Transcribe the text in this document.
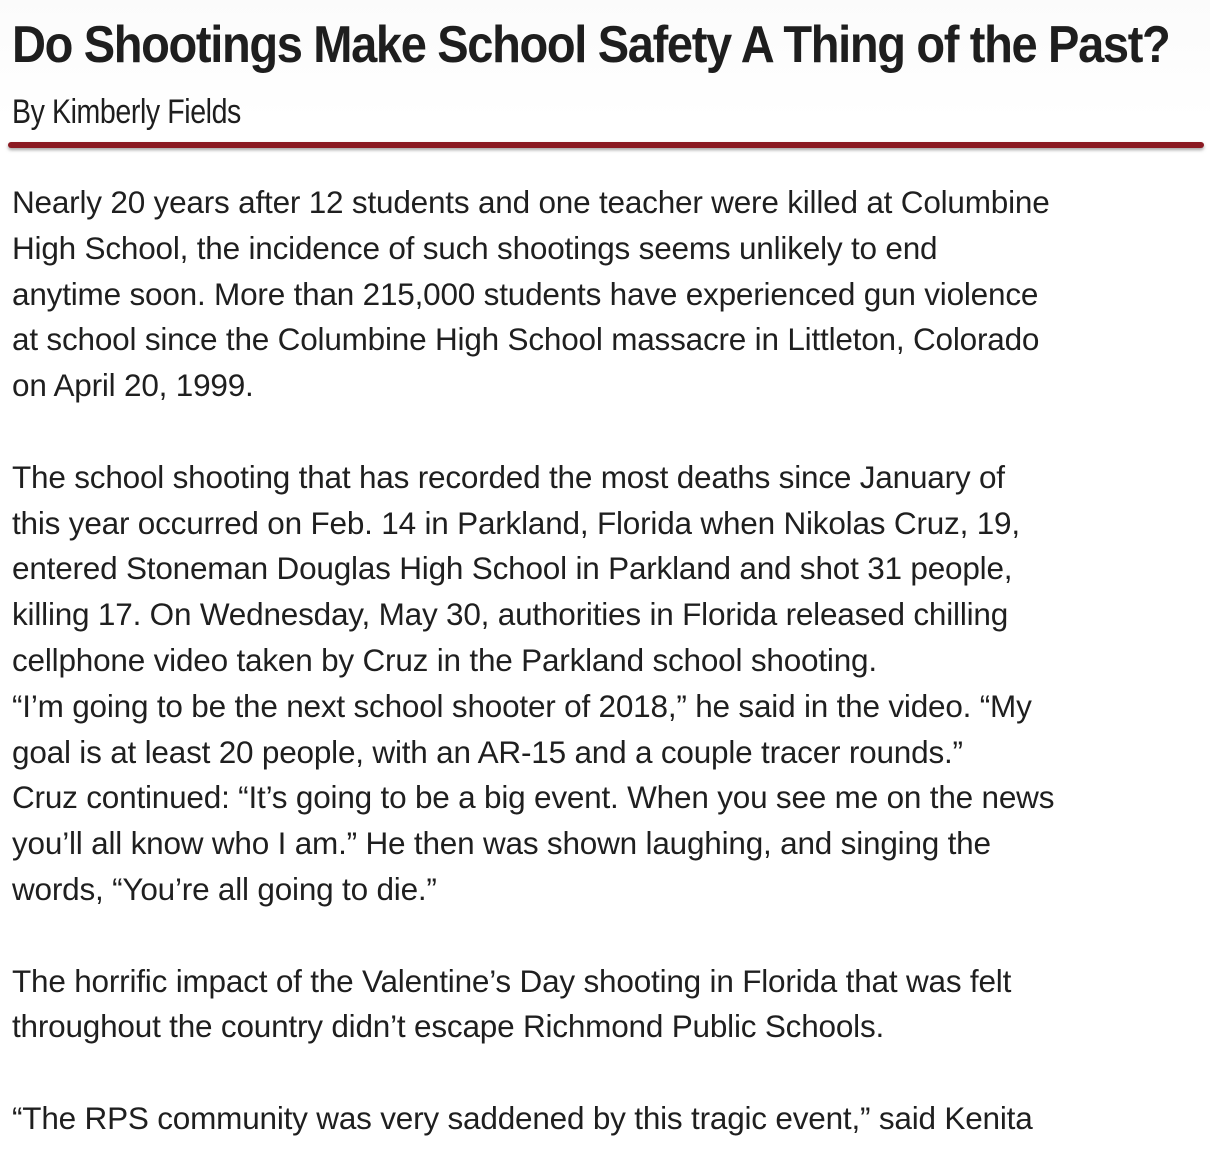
Do Shootings Make School Safety A Thing of the Past?

By Kimberly Fields

Nearly 20 years after 12 students and one teacher were killed at Columbine
High School, the incidence of such shootings seems unlikely to end
anytime soon. More than 215,000 students have experienced gun violence
at school since the Columbine High School massacre in Littleton, Colorado
on April 20, 1999.
The school shooting that has recorded the most deaths since January of
this year occurred on Feb. 14 in Parkland, Florida when Nikolas Cruz, 19,
entered Stoneman Douglas High School in Parkland and shot 31 people,
killing 17. On Wednesday, May 30, authorities in Florida released chilling
cellphone video taken by Cruz in the Parkland school shooting.
“I’m going to be the next school shooter of 2018,” he said in the video. “My
goal is at least 20 people, with an AR-15 and a couple tracer rounds.”
Cruz continued: “It’s going to be a big event. When you see me on the news
you’ll all know who I am.” He then was shown laughing, and singing the
words, “You’re all going to die.”
The horrific impact of the Valentine’s Day shooting in Florida that was felt
throughout the country didn’t escape Richmond Public Schools.
“The RPS community was very saddened by this tragic event,” said Kenita
